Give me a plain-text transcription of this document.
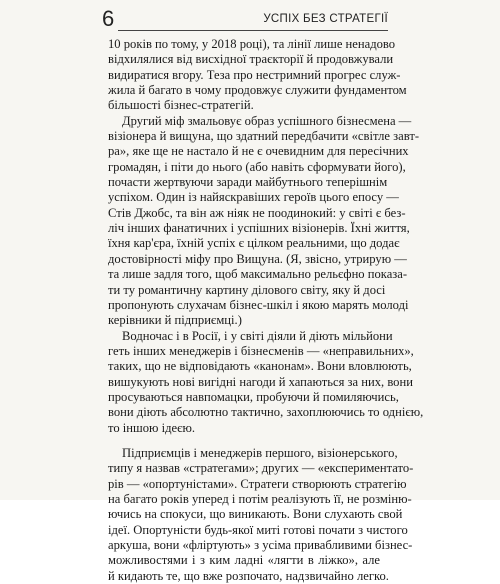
6	УСПІХ БЕЗ СТРАТЕГІЇ
10 років по тому, у 2018 році), та лінії лише ненадово
відхилялися від висхідної траєкторії й продовжували
видиратися вгору. Теза про нестримний прогрес служ-
жила й багато в чому продовжує служити фундаментом
більшості бізнес-стратегій.
Другий міф змальовує образ успішного бізнесмена —
візіонера й вищуна, що здатний передбачити «світле завт-
ра», яке ще не настало й не є очевидним для пересічних
громадян, і піти до нього (або навіть сформувати його),
почасти жертвуючи заради майбутнього теперішнім
успіхом. Один із найяскравіших героїв цього епосу —
Стів Джобс, та він аж ніяк не поодинокий: у світі є без-
ліч інших фанатичних і успішних візіонерів. Їхні життя,
їхня кар'єра, їхній успіх є цілком реальними, що додає
достовірності міфу про Вищуна. (Я, звісно, утрирую —
та лише задля того, щоб максимально рельєфно показа-
ти ту романтичну картину ділового світу, яку й досі
пропонують слухачам бізнес-шкіл і якою марять молоді
керівники й підприємці.)
Водночас і в Росії, і у світі діяли й діють мільйони
геть інших менеджерів і бізнесменів — «неправильних»,
таких, що не відповідають «канонам». Вони вловлюють,
вишукують нові вигідні нагоди й хапаються за них, вони
просуваються навпомацки, пробуючи й помиляючись,
вони діють абсолютно тактично, захоплюючись то однією,
то іншою ідеєю.
Підприємців і менеджерів першого, візіонерського,
типу я назвав «стратегами»; других — «експериментато-
рів — «опортуністами». Стратеги створюють стратегію
на багато років уперед і потім реалізують її, не розміню-
ючись на спокуси, що виникають. Вони слухають свой
ідеї. Опортуністи будь-якої миті готові почати з чистого
аркуша, вони «фліртують» з усіма привабливими бізнес-
можливостями і з ким ладні «лягти в ліжко», але
й кидають те, що вже розпочато, надзвичайно легко.
